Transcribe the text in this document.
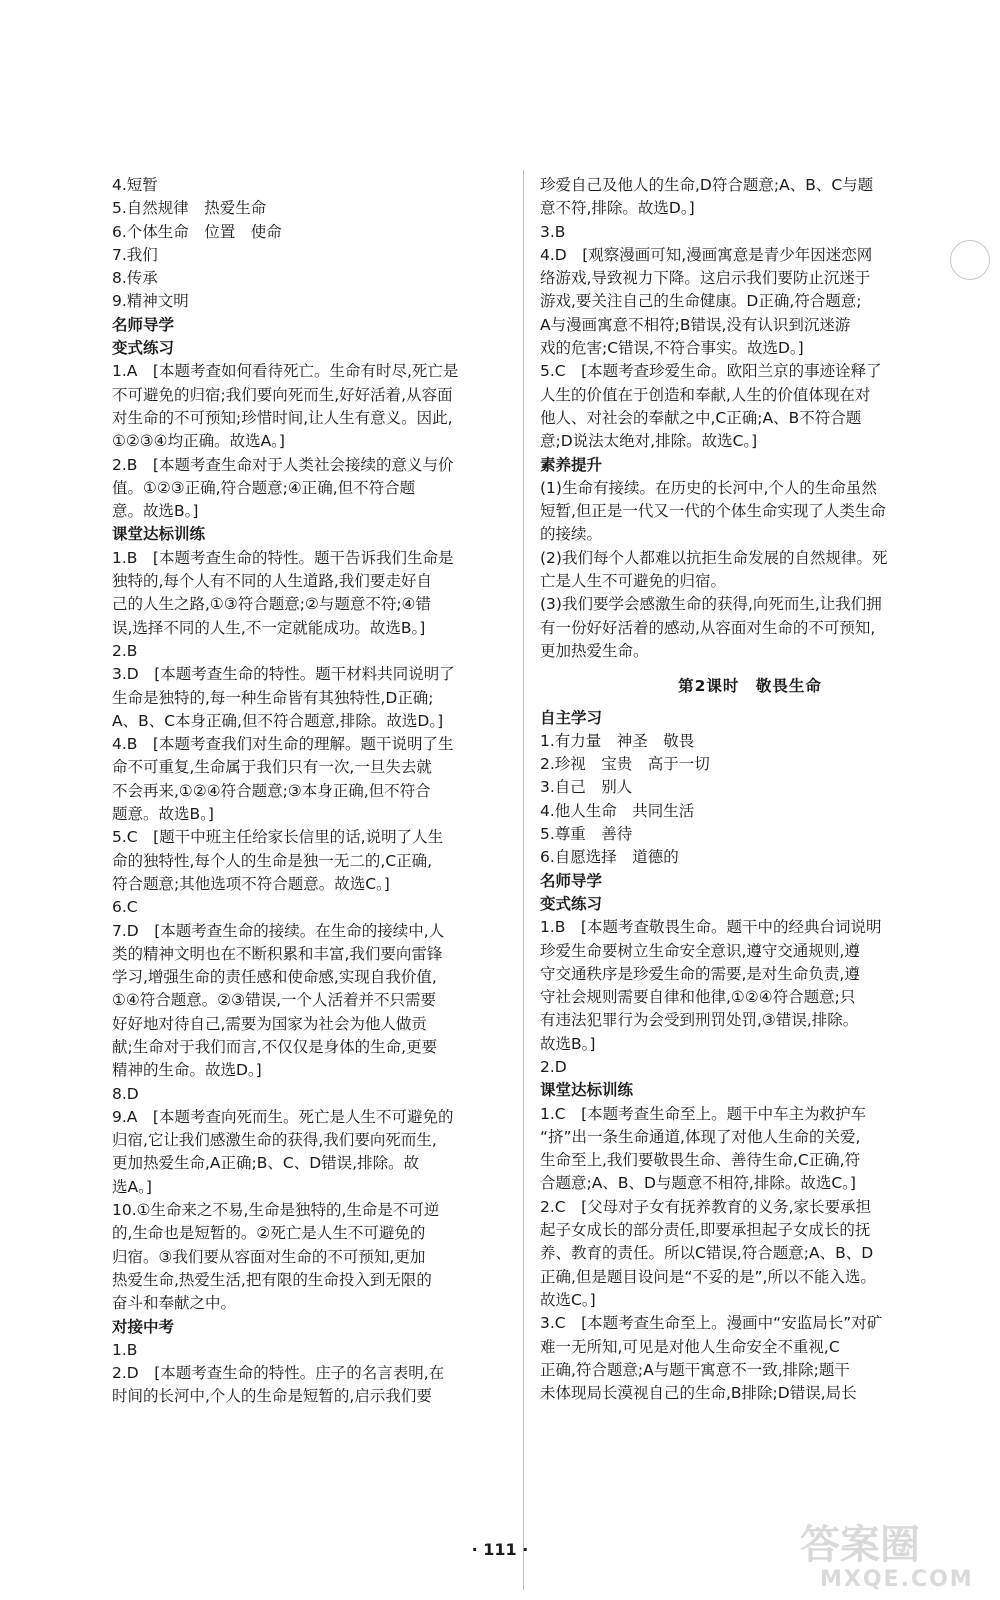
4.短暂
5.自然规律　热爱生命
6.个体生命　位置　使命
7.我们
8.传承
9.精神文明
名师导学
变式练习
1.A　[本题考查如何看待死亡。生命有时尽,死亡是
不可避免的归宿;我们要向死而生,好好活着,从容面
对生命的不可预知;珍惜时间,让人生有意义。因此,
①②③④均正确。故选A。]
2.B　[本题考查生命对于人类社会接续的意义与价
值。①②③正确,符合题意;④正确,但不符合题
意。故选B。]
课堂达标训练
1.B　[本题考查生命的特性。题干告诉我们生命是
独特的,每个人有不同的人生道路,我们要走好自
己的人生之路,①③符合题意;②与题意不符;④错
误,选择不同的人生,不一定就能成功。故选B。]
2.B
3.D　[本题考查生命的特性。题干材料共同说明了
生命是独特的,每一种生命皆有其独特性,D正确;
A、B、C本身正确,但不符合题意,排除。故选D。]
4.B　[本题考查我们对生命的理解。题干说明了生
命不可重复,生命属于我们只有一次,一旦失去就
不会再来,①②④符合题意;③本身正确,但不符合
题意。故选B。]
5.C　[题干中班主任给家长信里的话,说明了人生
命的独特性,每个人的生命是独一无二的,C正确,
符合题意;其他选项不符合题意。故选C。]
6.C
7.D　[本题考查生命的接续。在生命的接续中,人
类的精神文明也在不断积累和丰富,我们要向雷锋
学习,增强生命的责任感和使命感,实现自我价值,
①④符合题意。②③错误,一个人活着并不只需要
好好地对待自己,需要为国家为社会为他人做贡
献;生命对于我们而言,不仅仅是身体的生命,更要
精神的生命。故选D。]
8.D
9.A　[本题考查向死而生。死亡是人生不可避免的
归宿,它让我们感激生命的获得,我们要向死而生,
更加热爱生命,A正确;B、C、D错误,排除。故
选A。]
10.①生命来之不易,生命是独特的,生命是不可逆
的,生命也是短暂的。②死亡是人生不可避免的
归宿。③我们要从容面对生命的不可预知,更加
热爱生命,热爱生活,把有限的生命投入到无限的
奋斗和奉献之中。
对接中考
1.B
2.D　[本题考查生命的特性。庄子的名言表明,在
时间的长河中,个人的生命是短暂的,启示我们要
珍爱自己及他人的生命,D符合题意;A、B、C与题
意不符,排除。故选D。]
3.B
4.D　[观察漫画可知,漫画寓意是青少年因迷恋网
络游戏,导致视力下降。这启示我们要防止沉迷于
游戏,要关注自己的生命健康。D正确,符合题意;
A与漫画寓意不相符;B错误,没有认识到沉迷游
戏的危害;C错误,不符合事实。故选D。]
5.C　[本题考查珍爱生命。欧阳兰京的事迹诠释了
人生的价值在于创造和奉献,人生的价值体现在对
他人、对社会的奉献之中,C正确;A、B不符合题
意;D说法太绝对,排除。故选C。]
素养提升
(1)生命有接续。在历史的长河中,个人的生命虽然
短暂,但正是一代又一代的个体生命实现了人类生命
的接续。
(2)我们每个人都难以抗拒生命发展的自然规律。死
亡是人生不可避免的归宿。
(3)我们要学会感激生命的获得,向死而生,让我们拥
有一份好好活着的感动,从容面对生命的不可预知,
更加热爱生命。
第2课时　敬畏生命
自主学习
1.有力量　神圣　敬畏
2.珍视　宝贵　高于一切
3.自己　别人
4.他人生命　共同生活
5.尊重　善待
6.自愿选择　道德的
名师导学
变式练习
1.B　[本题考查敬畏生命。题干中的经典台词说明
珍爱生命要树立生命安全意识,遵守交通规则,遵
守交通秩序是珍爱生命的需要,是对生命负责,遵
守社会规则需要自律和他律,①②④符合题意;只
有违法犯罪行为会受到刑罚处罚,③错误,排除。
故选B。]
2.D
课堂达标训练
1.C　[本题考查生命至上。题干中车主为救护车
“挤”出一条生命通道,体现了对他人生命的关爱,
生命至上,我们要敬畏生命、善待生命,C正确,符
合题意;A、B、D与题意不相符,排除。故选C。]
2.C　[父母对子女有抚养教育的义务,家长要承担
起子女成长的部分责任,即要承担起子女成长的抚
养、教育的责任。所以C错误,符合题意;A、B、D
正确,但是题目设问是“不妥的是”,所以不能入选。
故选C。]
3.C　[本题考查生命至上。漫画中“安监局长”对矿
难一无所知,可见是对他人生命安全不重视,C
正确,符合题意;A与题干寓意不一致,排除;题干
未体现局长漠视自己的生命,B排除;D错误,局长
· 111 ·	答案圈
MXQE.COM
